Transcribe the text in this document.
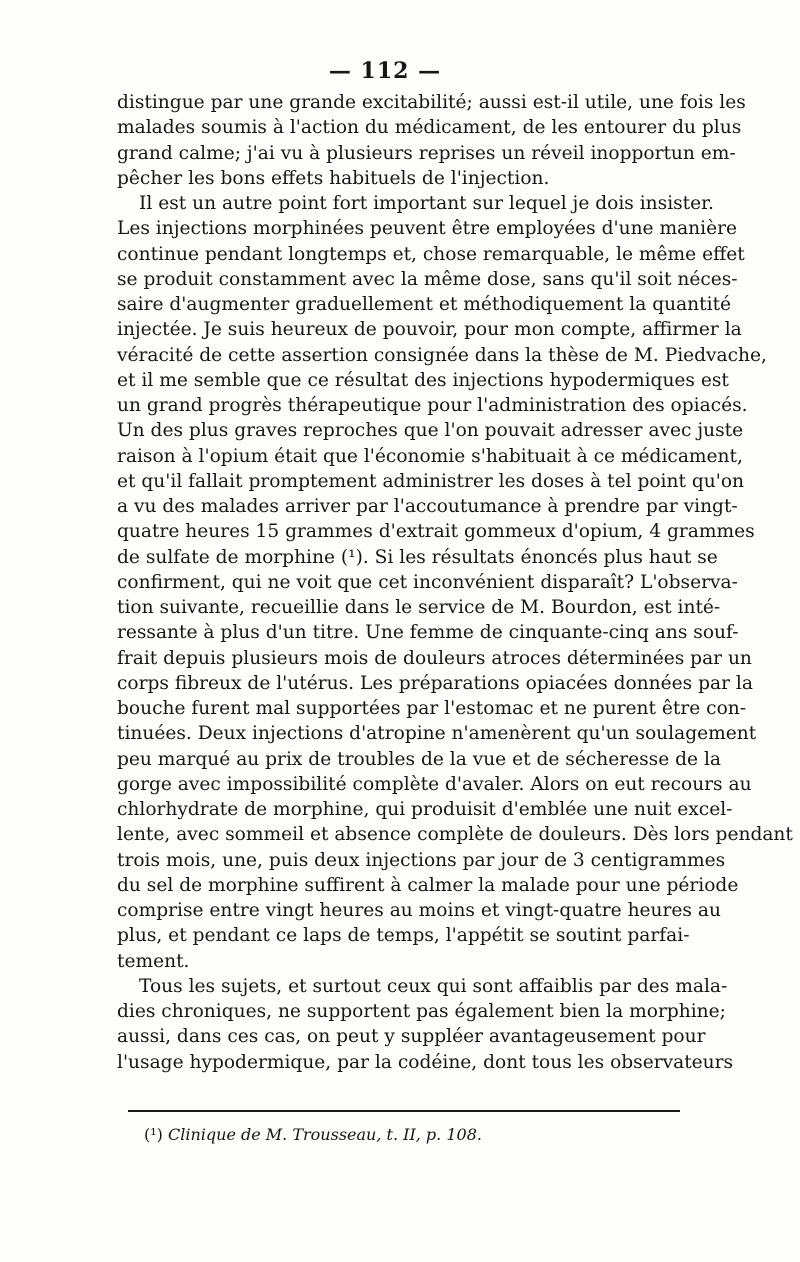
— 112 —
distingue par une grande excitabilité; aussi est-il utile, une fois les
malades soumis à l'action du médicament, de les entourer du plus
grand calme; j'ai vu à plusieurs reprises un réveil inopportun em-
pêcher les bons effets habituels de l'injection.
Il est un autre point fort important sur lequel je dois insister.
Les injections morphinées peuvent être employées d'une manière
continue pendant longtemps et, chose remarquable, le même effet
se produit constamment avec la même dose, sans qu'il soit néces-
saire d'augmenter graduellement et méthodiquement la quantité
injectée. Je suis heureux de pouvoir, pour mon compte, affirmer la
véracité de cette assertion consignée dans la thèse de M. Piedvache,
et il me semble que ce résultat des injections hypodermiques est
un grand progrès thérapeutique pour l'administration des opiacés.
Un des plus graves reproches que l'on pouvait adresser avec juste
raison à l'opium était que l'économie s'habituait à ce médicament,
et qu'il fallait promptement administrer les doses à tel point qu'on
a vu des malades arriver par l'accoutumance à prendre par vingt-
quatre heures 15 grammes d'extrait gommeux d'opium, 4 grammes
de sulfate de morphine (¹). Si les résultats énoncés plus haut se
confirment, qui ne voit que cet inconvénient disparaît? L'observa-
tion suivante, recueillie dans le service de M. Bourdon, est inté-
ressante à plus d'un titre. Une femme de cinquante-cinq ans souf-
frait depuis plusieurs mois de douleurs atroces déterminées par un
corps fibreux de l'utérus. Les préparations opiacées données par la
bouche furent mal supportées par l'estomac et ne purent être con-
tinuées. Deux injections d'atropine n'amenèrent qu'un soulagement
peu marqué au prix de troubles de la vue et de sécheresse de la
gorge avec impossibilité complète d'avaler. Alors on eut recours au
chlorhydrate de morphine, qui produisit d'emblée une nuit excel-
lente, avec sommeil et absence complète de douleurs. Dès lors pendant
trois mois, une, puis deux injections par jour de 3 centigrammes
du sel de morphine suffirent à calmer la malade pour une période
comprise entre vingt heures au moins et vingt-quatre heures au
plus, et pendant ce laps de temps, l'appétit se soutint parfai-
tement.
Tous les sujets, et surtout ceux qui sont affaiblis par des mala-
dies chroniques, ne supportent pas également bien la morphine;
aussi, dans ces cas, on peut y suppléer avantageusement pour
l'usage hypodermique, par la codéine, dont tous les observateurs
(¹) Clinique de M. Trousseau, t. II, p. 108.
